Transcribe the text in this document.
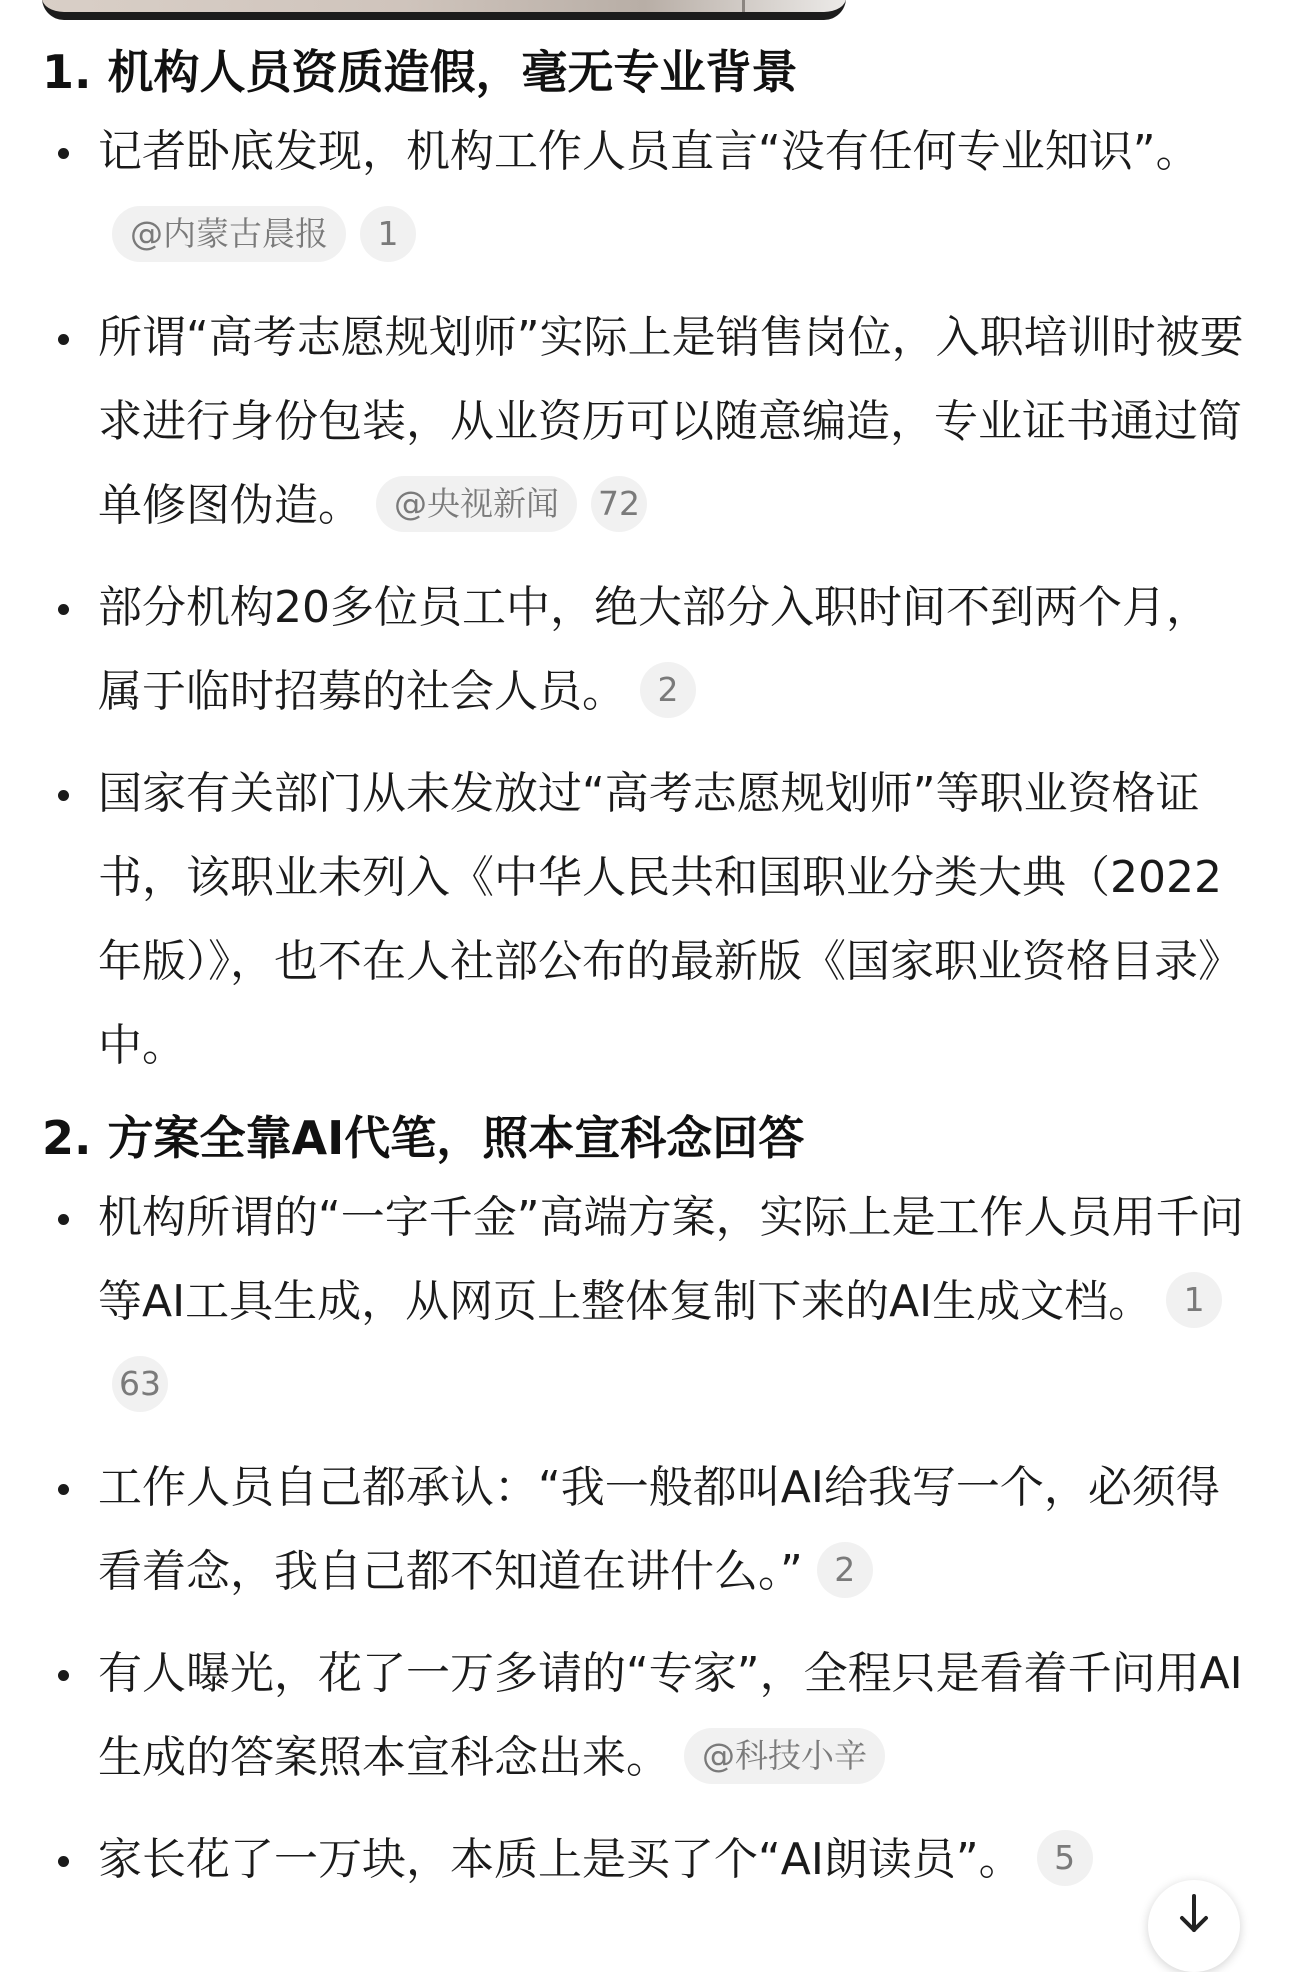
1. 机构人员资质造假，毫无专业背景
记者卧底发现，机构工作人员直言“没有任何专业知识”。@内蒙古晨报 1
所谓“高考志愿规划师”实际上是销售岗位，入职培训时被要求进行身份包装，从业资历可以随意编造，专业证书通过简单修图伪造。 @央视新闻 72
部分机构20多位员工中，绝大部分入职时间不到两个月，属于临时招募的社会人员。 2
国家有关部门从未发放过“高考志愿规划师”等职业资格证书，该职业未列入《中华人民共和国职业分类大典（2022年版）》，也不在人社部公布的最新版《国家职业资格目录》中。
2. 方案全靠AI代笔，照本宣科念回答
机构所谓的“一字千金”高端方案，实际上是工作人员用千问等AI工具生成，从网页上整体复制下来的AI生成文档。 163
工作人员自己都承认：“我一般都叫AI给我写一个，必须得看着念，我自己都不知道在讲什么。” 2
有人曝光，花了一万多请的“专家”，全程只是看着千问用AI生成的答案照本宣科念出来。 @科技小辛
家长花了一万块，本质上是买了个“AI朗读员”。 5
